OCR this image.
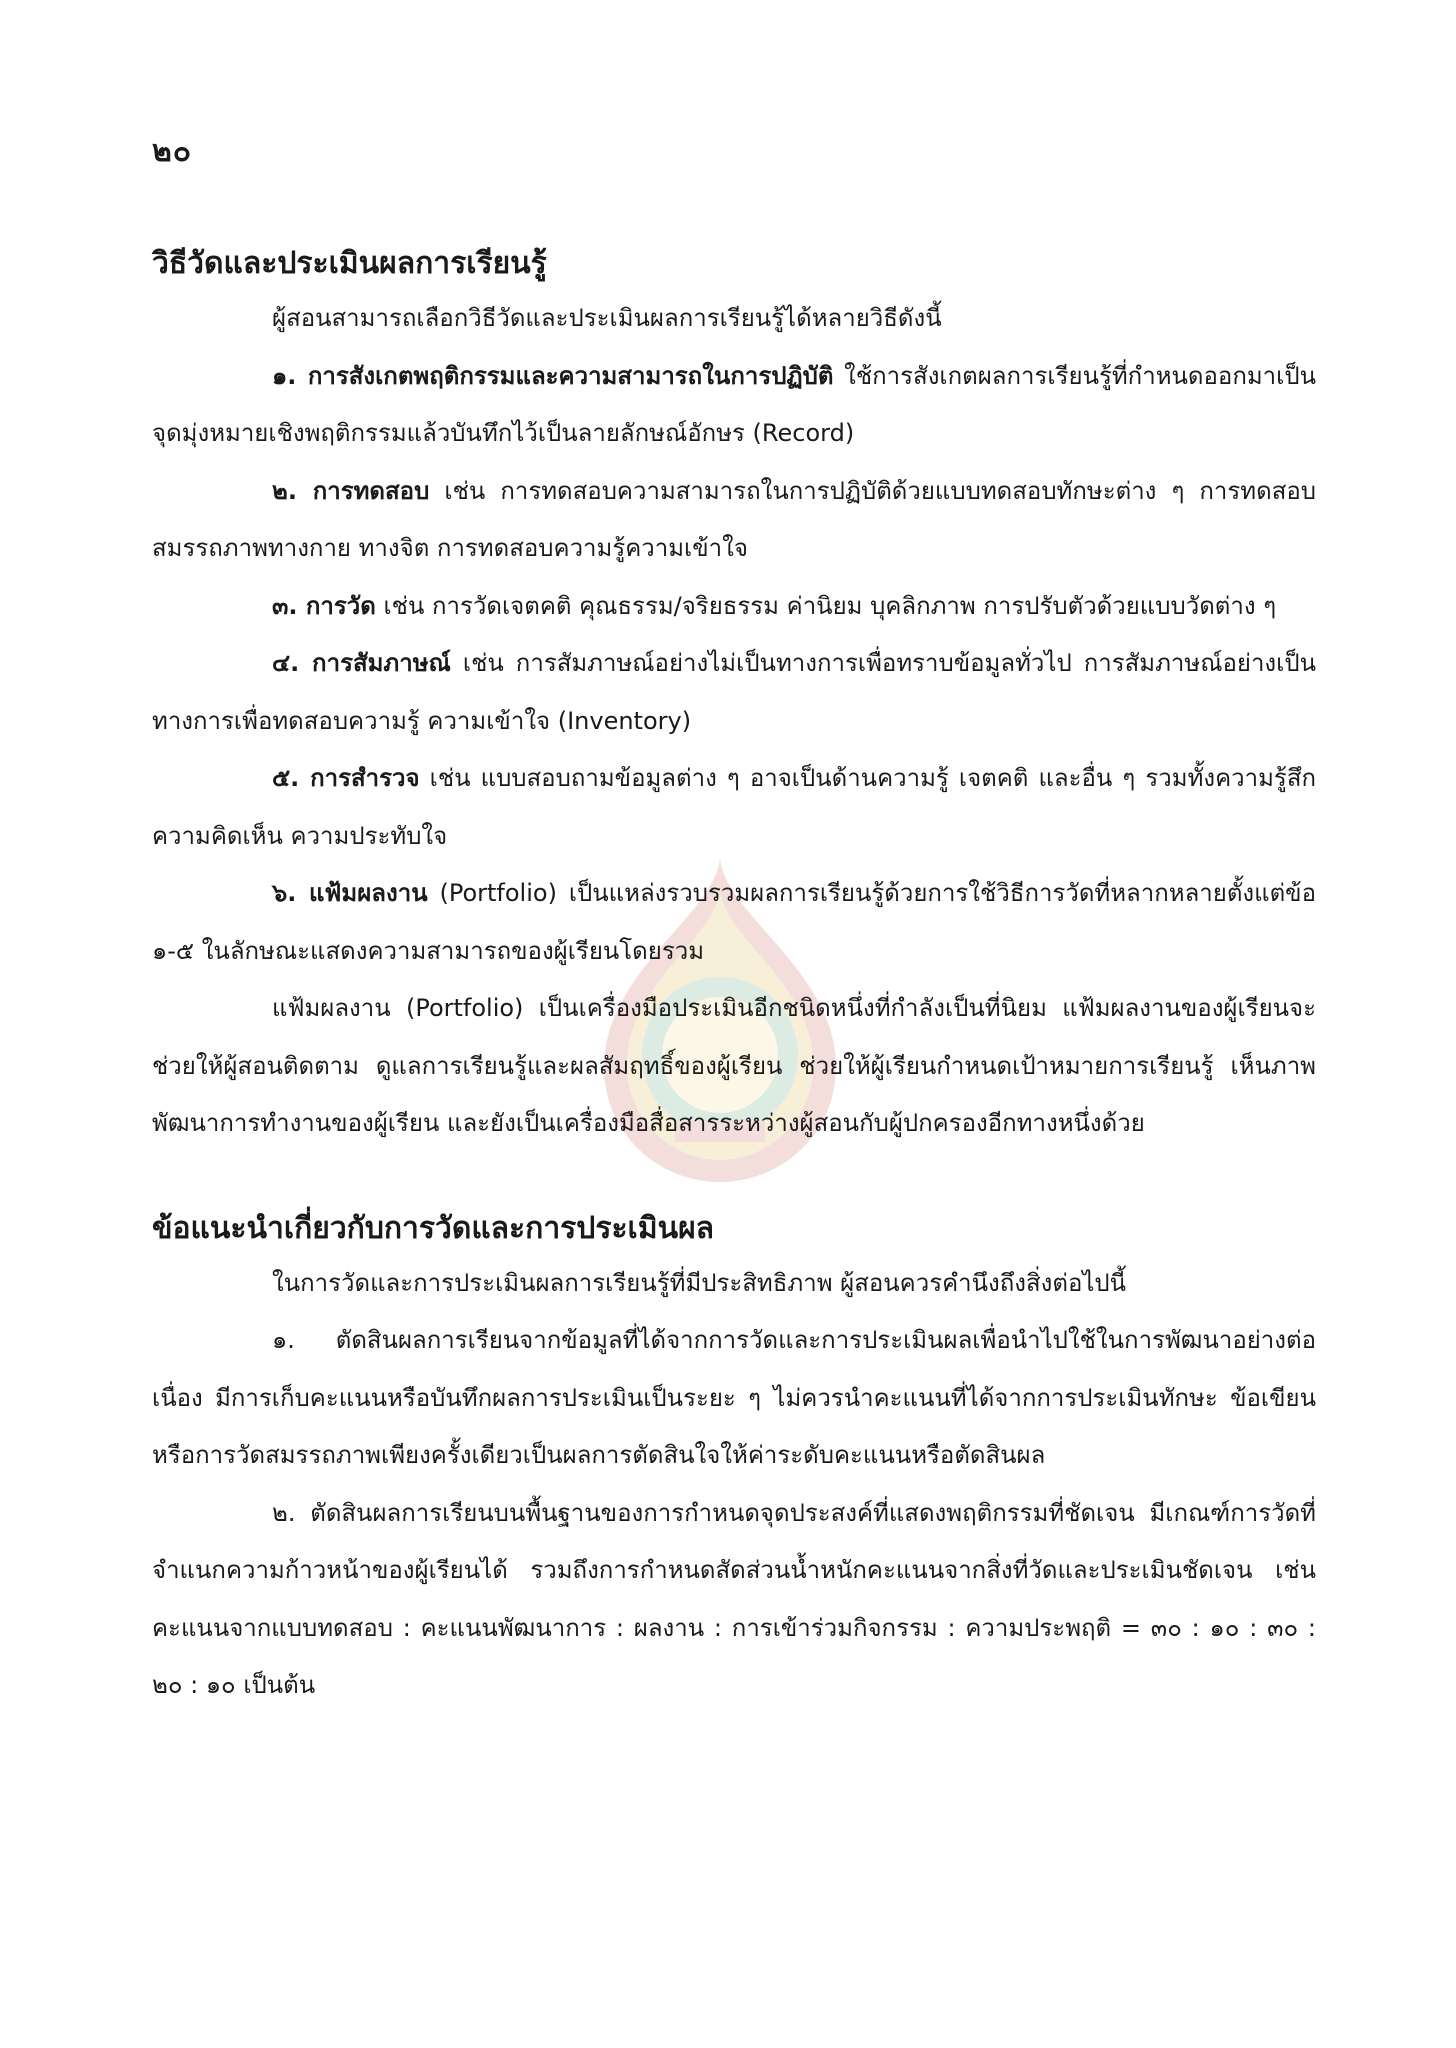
๒๐
วิธีวัดและประเมินผลการเรียนรู้

ผู้สอนสามารถเลือกวิธีวัดและประเมินผลการเรียนรู้ได้หลายวิธีดังนี้

๑. การสังเกตพฤติกรรมและความสามารถในการปฏิบัติ ใช้การสังเกตผลการเรียนรู้ที่กำหนดออกมาเป็นจุดมุ่งหมายเชิงพฤติกรรมแล้วบันทึกไว้เป็นลายลักษณ์อักษร (Record)

๒. การทดสอบ เช่น การทดสอบความสามารถในการปฏิบัติด้วยแบบทดสอบทักษะต่าง ๆ การทดสอบสมรรถภาพทางกาย ทางจิต การทดสอบความรู้ความเข้าใจ

๓. การวัด เช่น การวัดเจตคติ คุณธรรม/จริยธรรม ค่านิยม บุคลิกภาพ การปรับตัวด้วยแบบวัดต่าง ๆ

๔. การสัมภาษณ์ เช่น การสัมภาษณ์อย่างไม่เป็นทางการเพื่อทราบข้อมูลทั่วไป การสัมภาษณ์อย่างเป็นทางการเพื่อทดสอบความรู้ ความเข้าใจ (Inventory)

๕. การสำรวจ เช่น แบบสอบถามข้อมูลต่าง ๆ อาจเป็นด้านความรู้ เจตคติ และอื่น ๆ รวมทั้งความรู้สึก ความคิดเห็น ความประทับใจ

๖. แฟ้มผลงาน (Portfolio) เป็นแหล่งรวบรวมผลการเรียนรู้ด้วยการใช้วิธีการวัดที่หลากหลายตั้งแต่ข้อ ๑-๕ ในลักษณะแสดงความสามารถของผู้เรียนโดยรวม

แฟ้มผลงาน (Portfolio) เป็นเครื่องมือประเมินอีกชนิดหนึ่งที่กำลังเป็นที่นิยม แฟ้มผลงานของผู้เรียนจะช่วยให้ผู้สอนติดตาม ดูแลการเรียนรู้และผลสัมฤทธิ์ของผู้เรียน ช่วยให้ผู้เรียนกำหนดเป้าหมายการเรียนรู้ เห็นภาพพัฒนาการทำงานของผู้เรียน และยังเป็นเครื่องมือสื่อสารระหว่างผู้สอนกับผู้ปกครองอีกทางหนึ่งด้วย

ข้อแนะนำเกี่ยวกับการวัดและการประเมินผล

ในการวัดและการประเมินผลการเรียนรู้ที่มีประสิทธิภาพ ผู้สอนควรคำนึงถึงสิ่งต่อไปนี้

๑. ตัดสินผลการเรียนจากข้อมูลที่ได้จากการวัดและการประเมินผลเพื่อนำไปใช้ในการพัฒนาอย่างต่อเนื่อง มีการเก็บคะแนนหรือบันทึกผลการประเมินเป็นระยะ ๆ ไม่ควรนำคะแนนที่ได้จากการประเมินทักษะ ข้อเขียน หรือการวัดสมรรถภาพเพียงครั้งเดียวเป็นผลการตัดสินใจให้ค่าระดับคะแนนหรือตัดสินผล

๒. ตัดสินผลการเรียนบนพื้นฐานของการกำหนดจุดประสงค์ที่แสดงพฤติกรรมที่ชัดเจน มีเกณฑ์การวัดที่จำแนกความก้าวหน้าของผู้เรียนได้ รวมถึงการกำหนดสัดส่วนน้ำหนักคะแนนจากสิ่งที่วัดและประเมินชัดเจน เช่น คะแนนจากแบบทดสอบ : คะแนนพัฒนาการ : ผลงาน : การเข้าร่วมกิจกรรม : ความประพฤติ = ๓๐ : ๑๐ : ๓๐ : ๒๐ : ๑๐ เป็นต้น
